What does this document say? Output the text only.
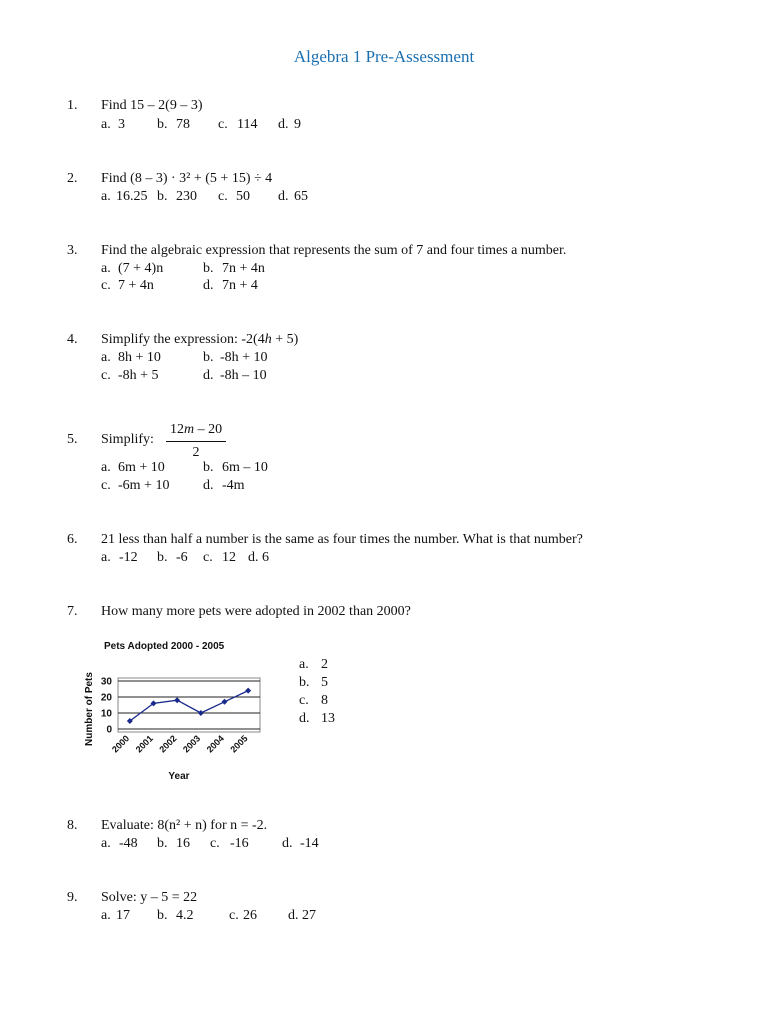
Algebra 1 Pre-Assessment
1. Find 15 – 2(9 – 3)
a. 3 b. 78 c. 114 d. 9
2. Find (8 – 3) · 3² + (5 + 15) ÷ 4
a. 16.25 b. 230 c. 50 d. 65
3. Find the algebraic expression that represents the sum of 7 and four times a number.
a. (7 + 4)n	b. 7n + 4n
c. 7 + 4n	d. 7n + 4
4. Simplify the expression: -2(4h + 5)
a. 8h + 10	b. -8h + 10
c. -8h + 5	d. -8h – 10
5. Simplify: $\frac{12m - 20}{2}$
a. 6m + 10	b. 6m – 10
c. -6m + 10 d. -4m
6. 21 less than half a number is the same as four times the number. What is that number?
a. -12 b. -6 c. 12 d. 6
7. How many more pets were adopted in 2002 than 2000?
Pets Adopted 2000 - 2005
0
10
20
30
2000 2001 2002 2003 2004 2005
Year
Number of Pets
a. 2
b. 5
c. 8
d. 13
8. Evaluate: 8(n² + n) for n = -2.
a. -48 b. 16 c. -16 d. -14
9. Solve: y – 5 = 22
a. 17 b. 4.2	c. 26 d. 27
